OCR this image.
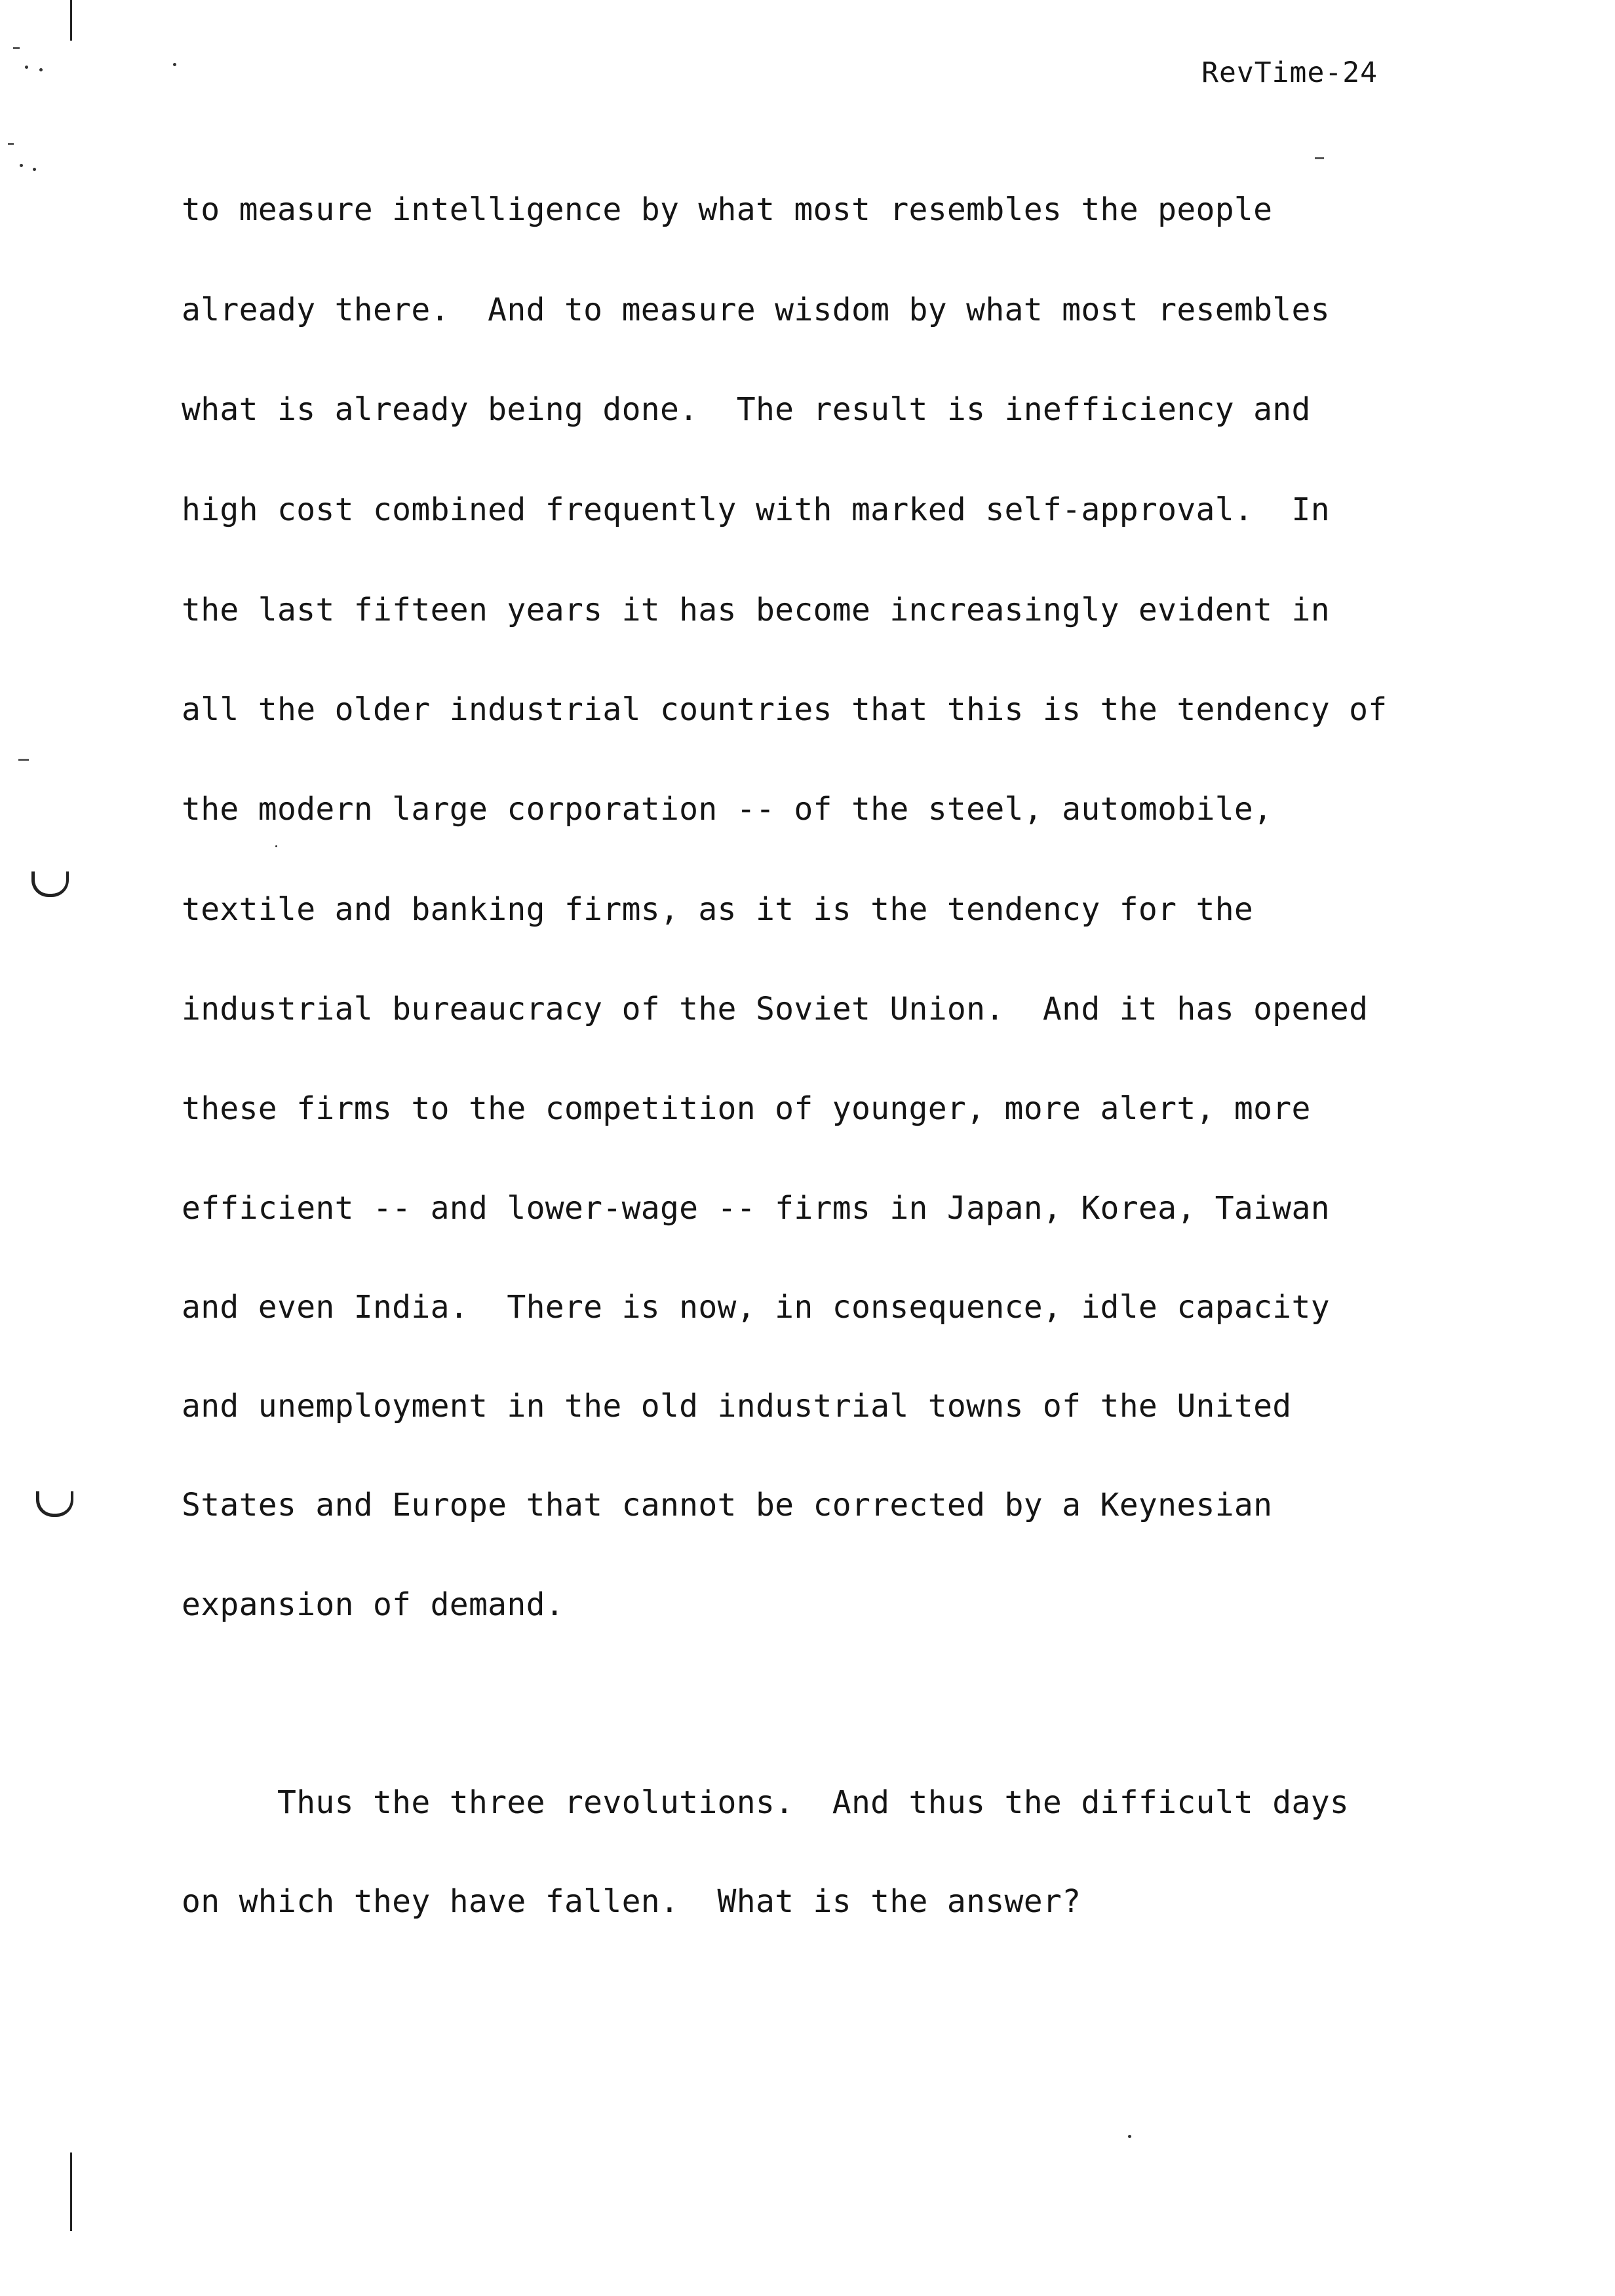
RevTime-24
to measure intelligence by what most resembles the people
already there.  And to measure wisdom by what most resembles
what is already being done.  The result is inefficiency and
high cost combined frequently with marked self-approval.  In
the last fifteen years it has become increasingly evident in
all the older industrial countries that this is the tendency of
the modern large corporation -- of the steel, automobile,
textile and banking firms, as it is the tendency for the
industrial bureaucracy of the Soviet Union.  And it has opened
these firms to the competition of younger, more alert, more
efficient -- and lower-wage -- firms in Japan, Korea, Taiwan
and even India.  There is now, in consequence, idle capacity
and unemployment in the old industrial towns of the United
States and Europe that cannot be corrected by a Keynesian
expansion of demand.
Thus the three revolutions.  And thus the difficult days
on which they have fallen.  What is the answer?
